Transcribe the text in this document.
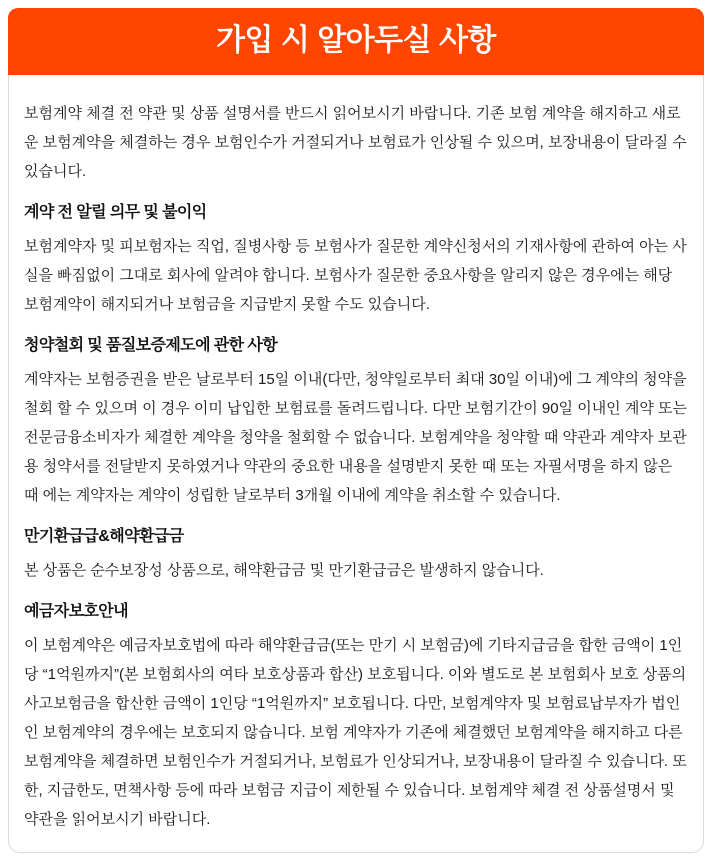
가입 시 알아두실 사항

보험계약 체결 전 약관 및 상품 설명서를 반드시 읽어보시기 바랍니다. 기존 보험 계약을 해지하고 새로운 보험계약을 체결하는 경우 보험인수가 거절되거나 보험료가 인상될 수 있으며, 보장내용이 달라질 수 있습니다.

계약 전 알릴 의무 및 불이익

보험계약자 및 피보험자는 직업, 질병사항 등 보험사가 질문한 계약신청서의 기재사항에 관하여 아는 사실을 빠짐없이 그대로 회사에 알려야 합니다. 보험사가 질문한 중요사항을 알리지 않은 경우에는 해당 보험계약이 해지되거나 보험금을 지급받지 못할 수도 있습니다.

청약철회 및 품질보증제도에 관한 사항

계약자는 보험증권을 받은 날로부터 15일 이내(다만, 청약일로부터 최대 30일 이내)에 그 계약의 청약을 철회 할 수 있으며 이 경우 이미 납입한 보험료를 돌려드립니다. 다만 보험기간이 90일 이내인 계약 또는 전문금융소비자가 체결한 계약을 청약을 철회할 수 없습니다. 보험계약을 청약할 때 약관과 계약자 보관용 청약서를 전달받지 못하였거나 약관의 중요한 내용을 설명받지 못한 때 또는 자필서명을 하지 않은 때 에는 계약자는 계약이 성립한 날로부터 3개월 이내에 계약을 취소할 수 있습니다.

만기환급급&해약환급금

본 상품은 순수보장성 상품으로, 해약환급금 및 만기환급금은 발생하지 않습니다.

예금자보호안내

이 보험계약은 예금자보호법에 따라 해약환급금(또는 만기 시 보험금)에 기타지급금을 합한 금액이 1인당 “1억원까지”(본 보험회사의 여타 보호상품과 합산) 보호됩니다. 이와 별도로 본 보험회사 보호 상품의 사고보험금을 합산한 금액이 1인당 “1억원까지” 보호됩니다. 다만, 보험계약자 및 보험료납부자가 법인인 보험계약의 경우에는 보호되지 않습니다. 보험 계약자가 기존에 체결했던 보험계약을 해지하고 다른 보험계약을 체결하면 보험인수가 거절되거나, 보험료가 인상되거나, 보장내용이 달라질 수 있습니다. 또한, 지급한도, 면책사항 등에 따라 보험금 지급이 제한될 수 있습니다. 보험계약 체결 전 상품설명서 및 약관을 읽어보시기 바랍니다.
